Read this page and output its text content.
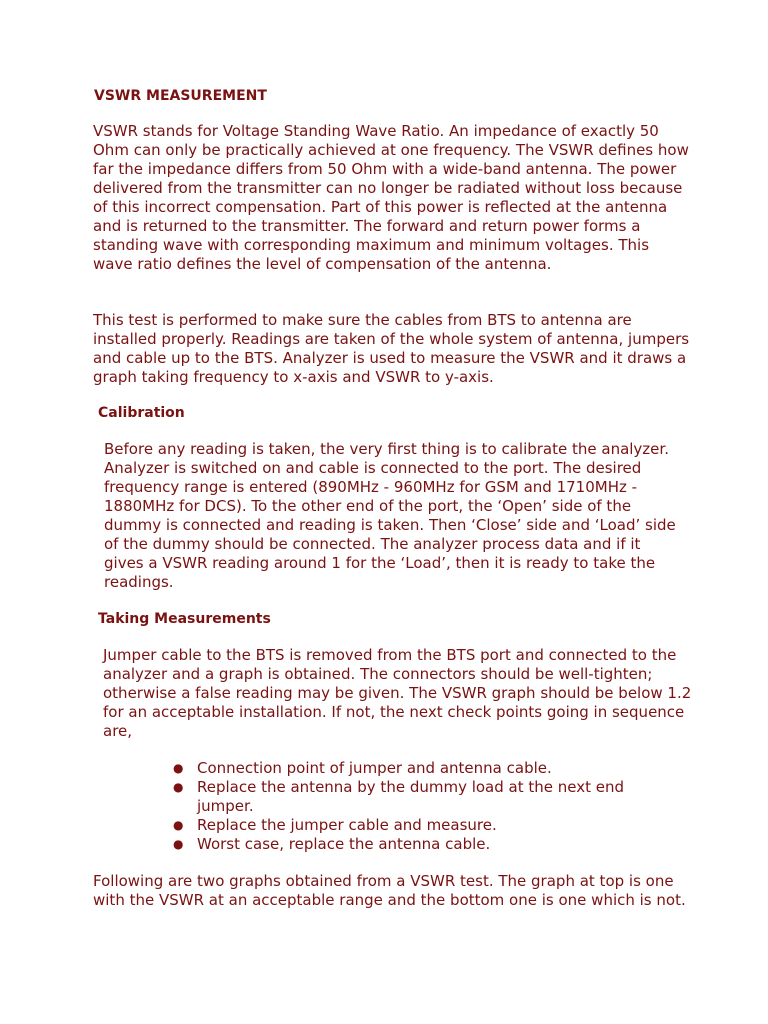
VSWR MEASUREMENT

VSWR stands for Voltage Standing Wave Ratio. An impedance of exactly 50 Ohm can only be practically achieved at one frequency. The VSWR defines how far the impedance differs from 50 Ohm with a wide-band antenna. The power delivered from the transmitter can no longer be radiated without loss because of this incorrect compensation. Part of this power is reflected at the antenna and is returned to the transmitter. The forward and return power forms a standing wave with corresponding maximum and minimum voltages. This wave ratio defines the level of compensation of the antenna.

This test is performed to make sure the cables from BTS to antenna are installed properly. Readings are taken of the whole system of antenna, jumpers and cable up to the BTS. Analyzer is used to measure the VSWR and it draws a graph taking frequency to x-axis and VSWR to y-axis.

Calibration

Before any reading is taken, the very first thing is to calibrate the analyzer. Analyzer is switched on and cable is connected to the port. The desired frequency range is entered (890MHz - 960MHz for GSM and 1710MHz - 1880MHz for DCS). To the other end of the port, the ‘Open’ side of the dummy is connected and reading is taken. Then ‘Close’ side and ‘Load’ side of the dummy should be connected. The analyzer process data and if it gives a VSWR reading around 1 for the ‘Load’, then it is ready to take the readings.

Taking Measurements

Jumper cable to the BTS is removed from the BTS port and connected to the analyzer and a graph is obtained. The connectors should be well-tighten; otherwise a false reading may be given. The VSWR graph should be below 1.2 for an acceptable installation. If not, the next check points going in sequence are,

● Connection point of jumper and antenna cable.
● Replace the antenna by the dummy load at the next end jumper.
● Replace the jumper cable and measure.
● Worst case, replace the antenna cable.

Following are two graphs obtained from a VSWR test. The graph at top is one with the VSWR at an acceptable range and the bottom one is one which is not.
